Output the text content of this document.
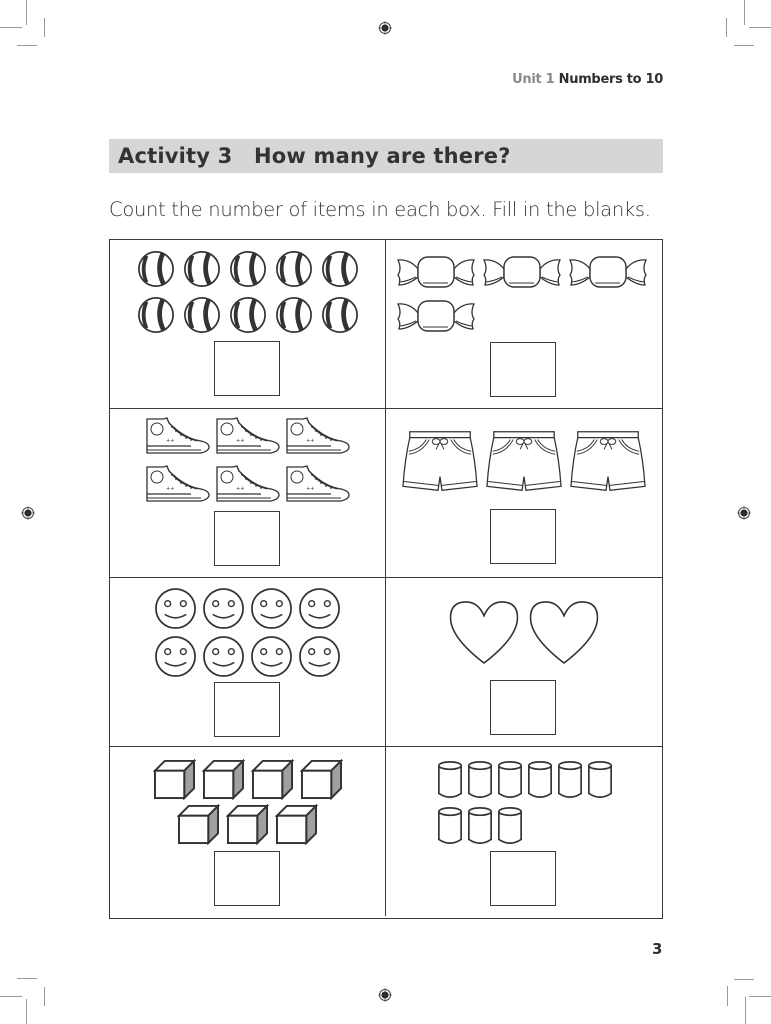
Unit 1 Numbers to 10
Activity 3 How many are there?
Count the number of items in each box. Fill in the blanks.
3
